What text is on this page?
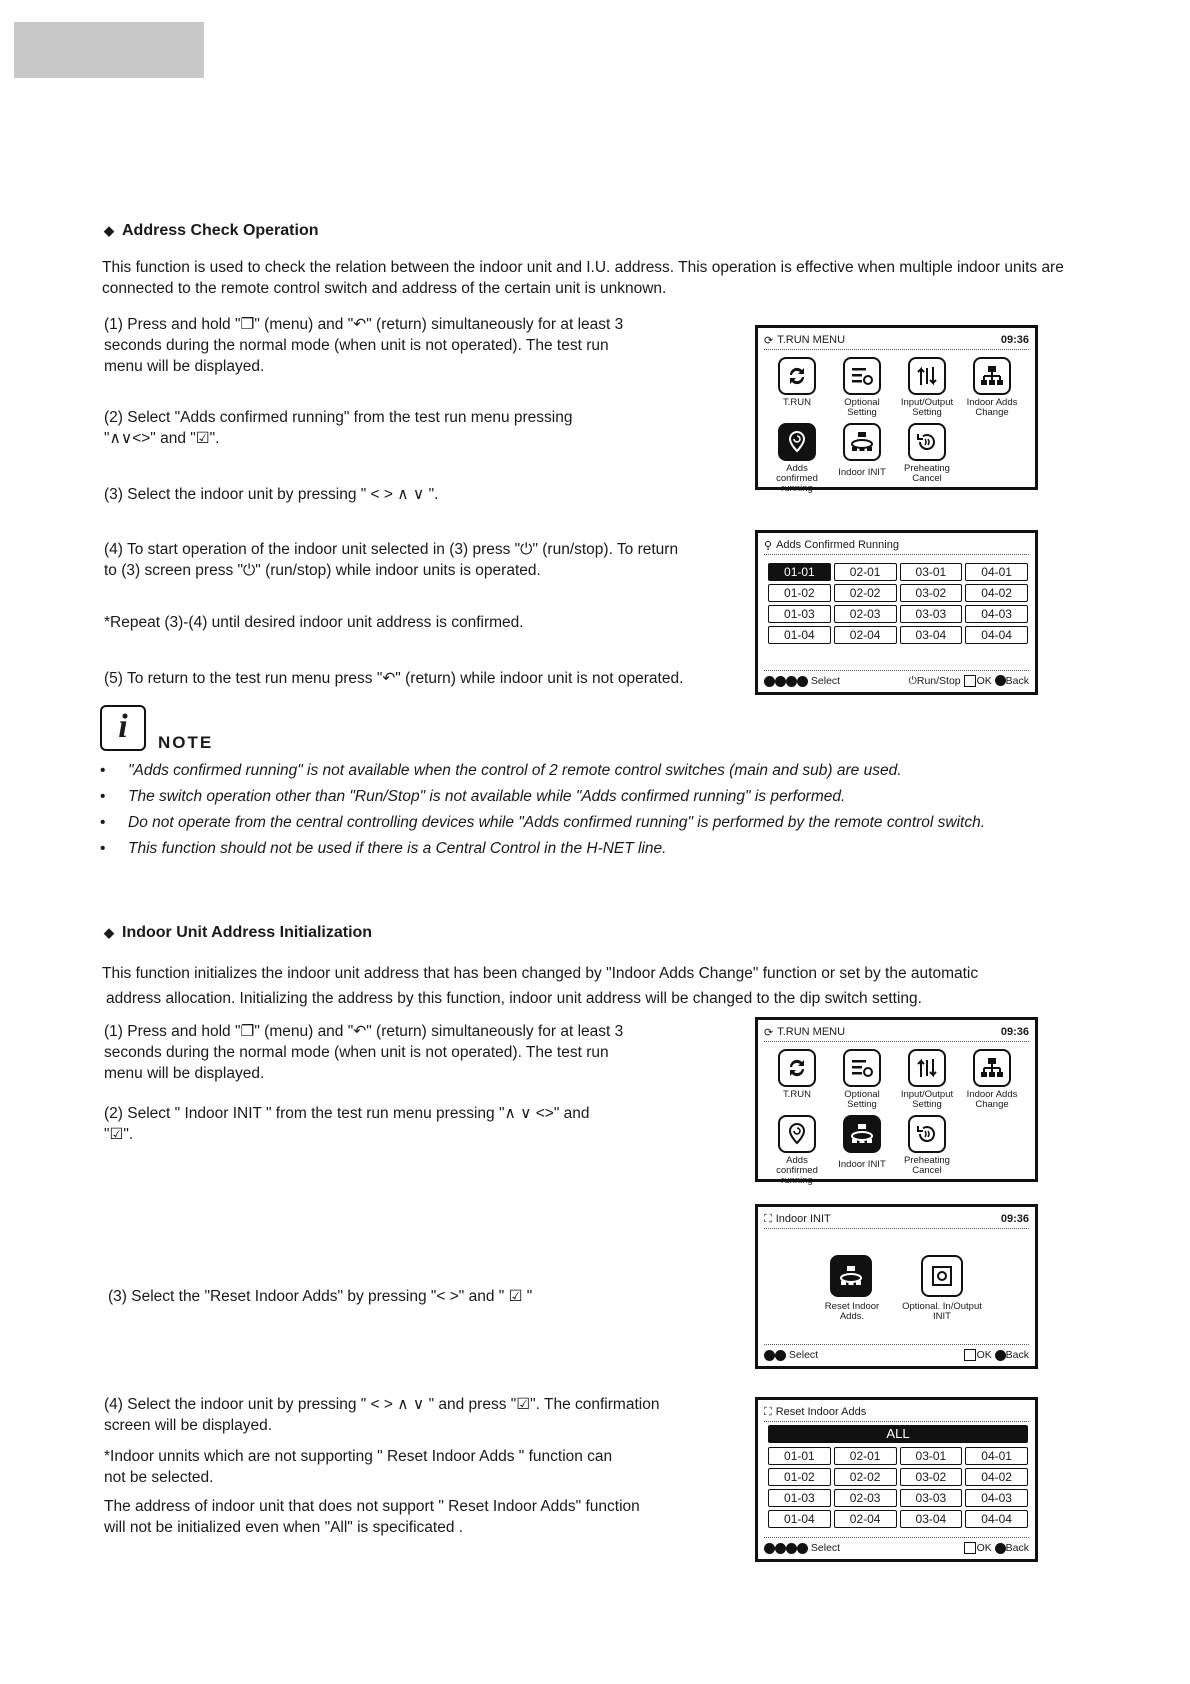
◆ Address Check Operation
This function is used to check the relation between the indoor unit and I.U. address. This operation is effective when multiple indoor units are connected to the remote control switch and address of the certain unit is unknown.
(1) Press and hold "❐" (menu) and "↶" (return) simultaneously for at least 3 seconds during the normal mode (when unit is not operated). The test run menu will be displayed.
(2) Select "Adds confirmed running" from the test run menu pressing "∧∨<>" and "☑".
(3) Select the indoor unit by pressing " < > ∧ ∨ ".
(4) To start operation of the indoor unit selected in (3) press "⏻" (run/stop). To return to (3) screen press "⏻" (run/stop) while indoor units is operated.
*Repeat (3)-(4) until desired indoor unit address is confirmed.
(5) To return to the test run menu press "↶" (return) while indoor unit is not operated.
⟳ T.RUN MENU	09:36
T.RUN	Optional Setting
Input/Output Setting
Indoor Adds Change
Adds confirmed running
Indoor INIT	Preheating Cancel
⚲ Adds Confirmed Running
01-01	02-01	03-01	04-01
01-02	02-02	03-02	04-02
01-03	02-03	03-03	04-03
01-04	02-04	03-04	04-04
Select	⏻Run/Stop OK Back
i	NOTE
•	"Adds confirmed running" is not available when the control of 2 remote control switches (main and sub) are used.
•	The switch operation other than "Run/Stop" is not available while "Adds confirmed running" is performed.
•	Do not operate from the central controlling devices while "Adds confirmed running" is performed by the remote control switch.
•	This function should not be used if there is a Central Control in the H-NET line.
◆ Indoor Unit Address Initialization
This function initializes the indoor unit address that has been changed by "Indoor Adds Change" function or set by the automatic
address allocation. Initializing the address by this function, indoor unit address will be changed to the dip switch setting.
(1) Press and hold "❐" (menu) and "↶" (return) simultaneously for at least 3 seconds during the normal mode (when unit is not operated). The test run menu will be displayed.
(2) Select " Indoor INIT " from the test run menu pressing "∧ ∨ <>" and "☑".
(3) Select the "Reset Indoor Adds" by pressing "< >" and " ☑ "
(4) Select the indoor unit by pressing " < > ∧ ∨ " and press "☑". The confirmation screen will be displayed.
*Indoor unnits which are not supporting " Reset Indoor Adds " function can not be selected.
The address of indoor unit that does not support " Reset Indoor Adds" function will not be initialized even when "All" is specificated .
⟳ T.RUN MENU	09:36
T.RUN	Optional Setting
Input/Output Setting
Indoor Adds Change
Adds confirmed running
Indoor INIT	Preheating Cancel
⛶ Indoor INIT	09:36
Reset Indoor Adds.
Optional. In/Output INIT
Select	OK Back
⛶ Reset Indoor Adds
ALL
01-01	02-01	03-01	04-01
01-02	02-02	03-02	04-02
01-03	02-03	03-03	04-03
01-04	02-04	03-04	04-04
Select	OK Back
